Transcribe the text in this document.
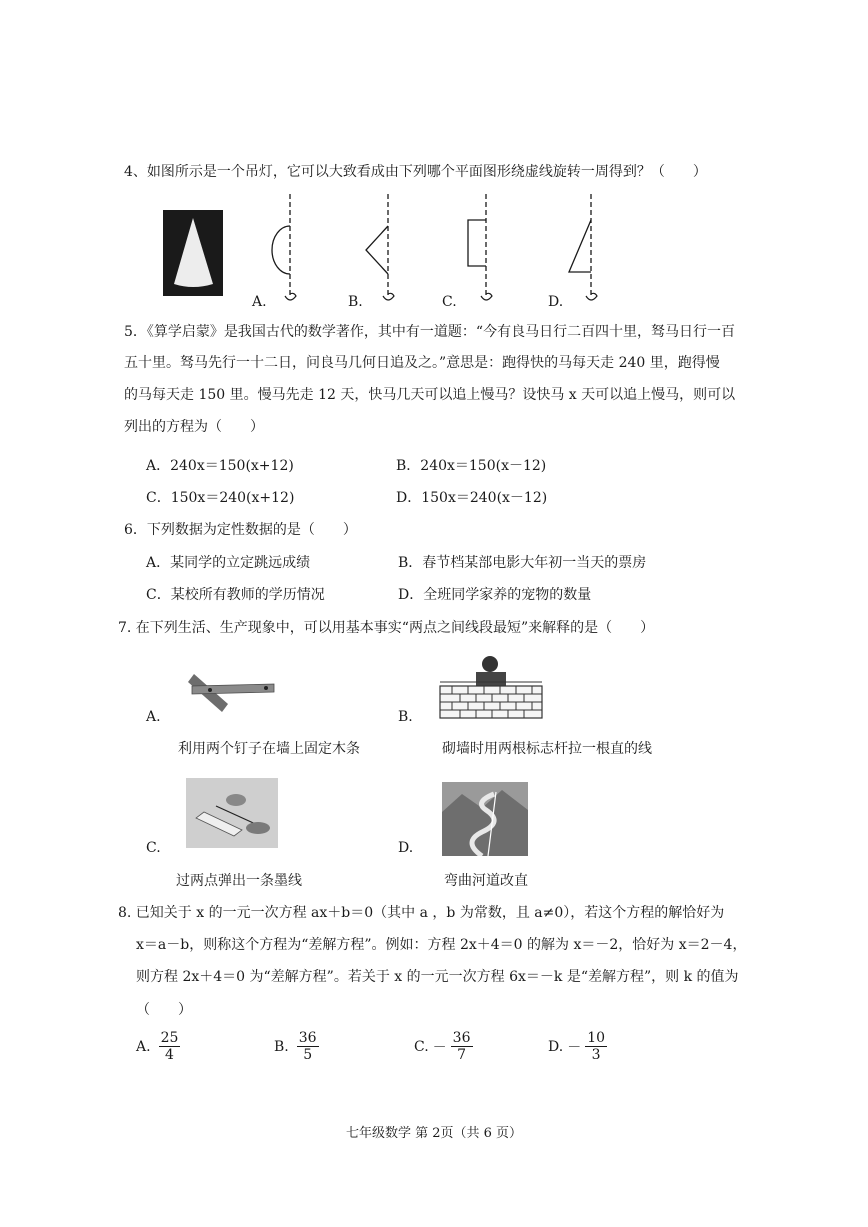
4、如图所示是一个吊灯，它可以大致看成由下列哪个平面图形绕虚线旋转一周得到？（　　）
A.	B.	C.	D.
5．《算学启蒙》是我国古代的数学著作，其中有一道题：“今有良马日行二百四十里，驽马日行一百
五十里。驽马先行一十二日，问良马几何日追及之。”意思是：跑得快的马每天走 240 里，跑得慢
的马每天走 150 里。慢马先走 12 天，快马几天可以追上慢马？设快马 x 天可以追上慢马，则可以
列出的方程为（　　）
A．240x＝150(x+12)	B．240x＝150(x－12)
C．150x＝240(x+12)	D．150x＝240(x－12)
6．下列数据为定性数据的是（　　）
A．某同学的立定跳远成绩	B．春节档某部电影大年初一当天的票房
C．某校所有教师的学历情况	D．全班同学家养的宠物的数量
7. 在下列生活、生产现象中，可以用基本事实“两点之间线段最短”来解释的是（　　）
A.
利用两个钉子在墙上固定木条
B.
砌墙时用两根标志杆拉一根直的线
C.
过两点弹出一条墨线
D.
弯曲河道改直
8. 已知关于 x 的一元一次方程 ax＋b＝0（其中 a ，b 为常数，且 a≠0），若这个方程的解恰好为
x＝a－b，则称这个方程为“差解方程”。例如：方程 2x＋4＝0 的解为 x＝－2，恰好为 x＝2－4，
则方程 2x＋4＝0 为“差解方程”。若关于 x 的一元一次方程 6x＝－k 是“差解方程”，则 k 的值为
（　　）
A. $\frac{25}{4}$	B. $\frac{36}{5}$	C. － $\frac{36}{7}$	D. － $\frac{10}{3}$
七年级数学 第 2页（共 6 页）
